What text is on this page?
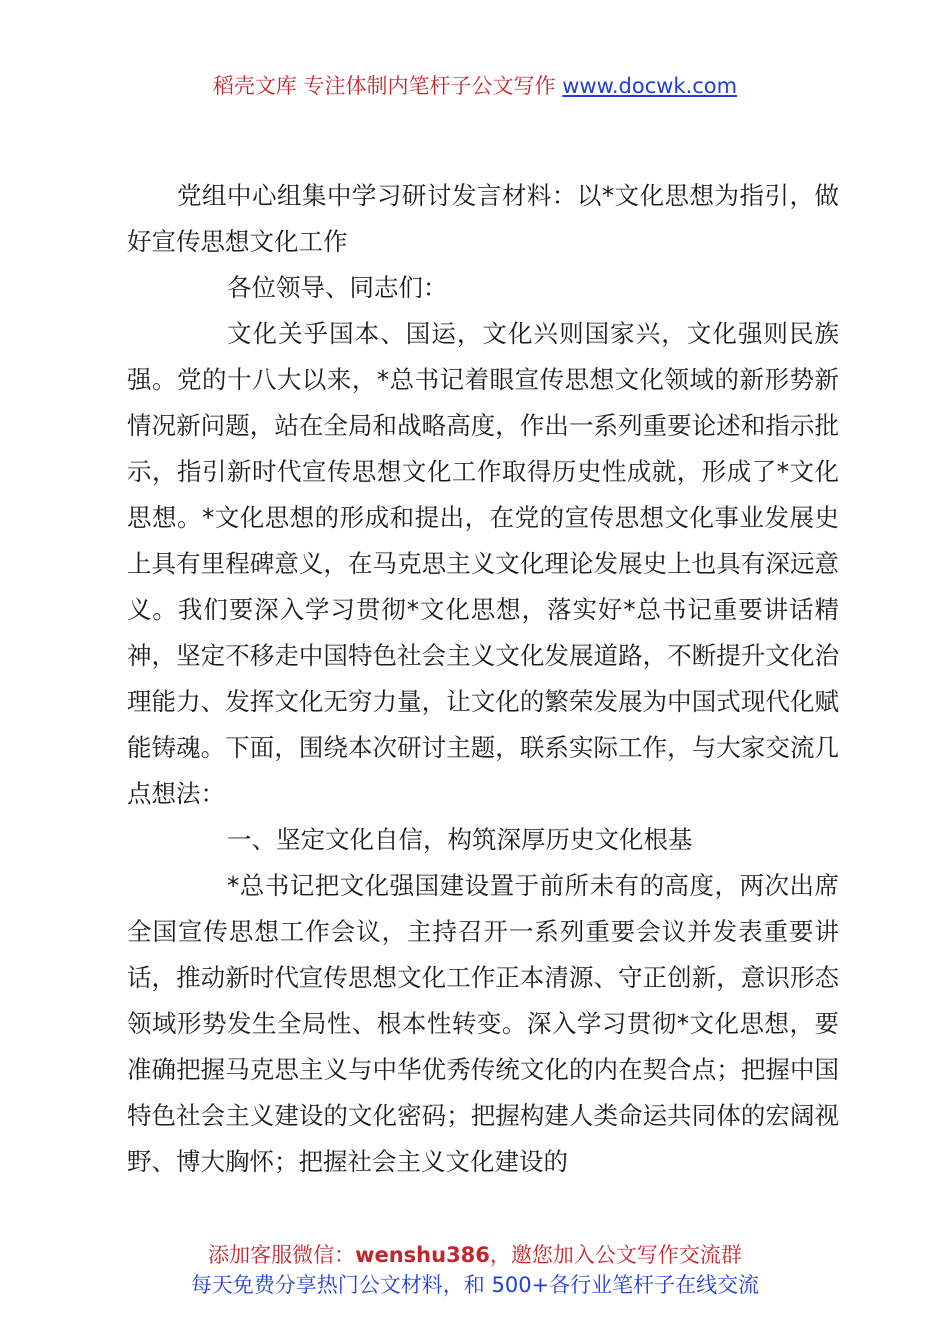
稻壳文库 专注体制内笔杆子公文写作 www.docwk.com

党组中心组集中学习研讨发言材料：以*文化思想为指引，做好宣传思想文化工作

各位领导、同志们：

文化关乎国本、国运，文化兴则国家兴，文化强则民族强。党的十八大以来，*总书记着眼宣传思想文化领域的新形势新情况新问题，站在全局和战略高度，作出一系列重要论述和指示批示，指引新时代宣传思想文化工作取得历史性成就，形成了*文化思想。*文化思想的形成和提出，在党的宣传思想文化事业发展史上具有里程碑意义，在马克思主义文化理论发展史上也具有深远意义。我们要深入学习贯彻*文化思想，落实好*总书记重要讲话精神，坚定不移走中国特色社会主义文化发展道路，不断提升文化治理能力、发挥文化无穷力量，让文化的繁荣发展为中国式现代化赋能铸魂。下面，围绕本次研讨主题，联系实际工作，与大家交流几点想法：

一、坚定文化自信，构筑深厚历史文化根基

*总书记把文化强国建设置于前所未有的高度，两次出席全国宣传思想工作会议，主持召开一系列重要会议并发表重要讲话，推动新时代宣传思想文化工作正本清源、守正创新，意识形态领域形势发生全局性、根本性转变。深入学习贯彻*文化思想，要准确把握马克思主义与中华优秀传统文化的内在契合点；把握中国特色社会主义建设的文化密码；把握构建人类命运共同体的宏阔视野、博大胸怀；把握社会主义文化建设的

添加客服微信：wenshu386，邀您加入公文写作交流群
每天免费分享热门公文材料，和 500+各行业笔杆子在线交流
